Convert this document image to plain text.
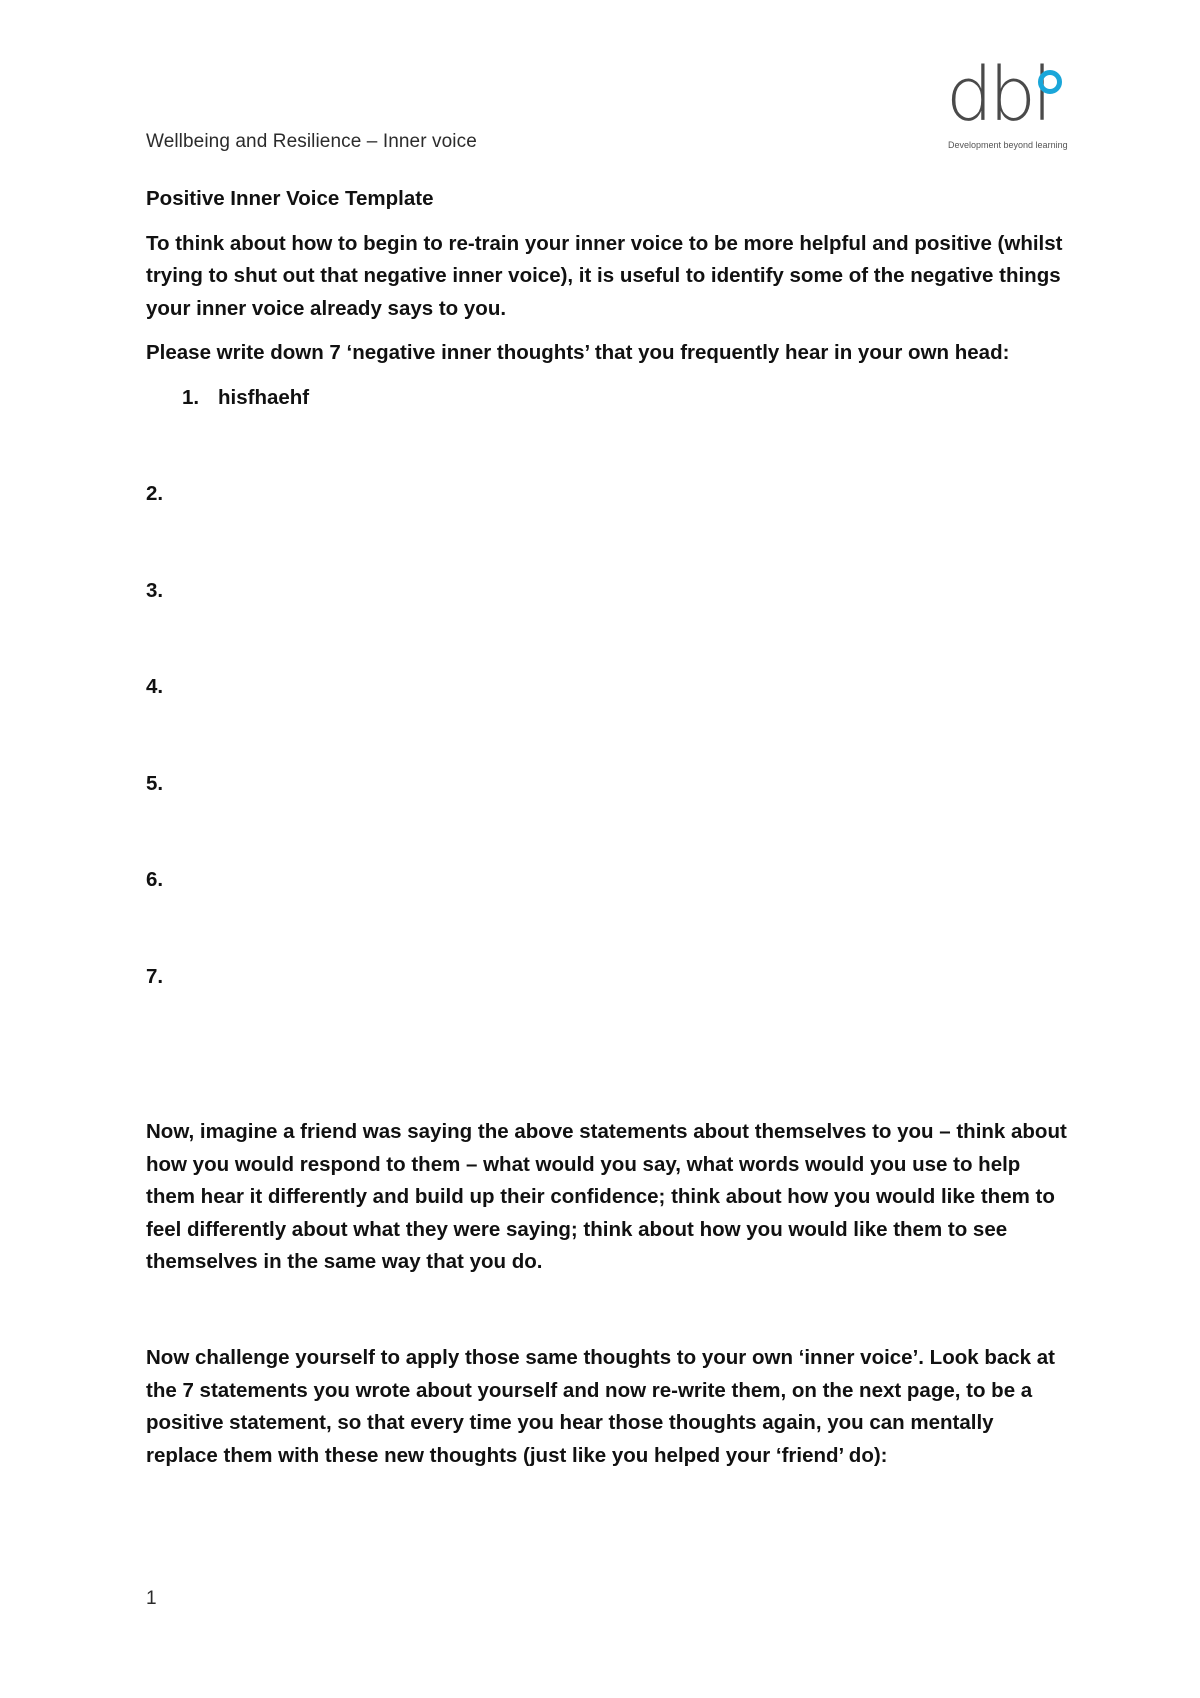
Wellbeing and Resilience – Inner voice
dbl
Development beyond learning

Positive Inner Voice Template

To think about how to begin to re-train your inner voice to be more helpful and positive (whilst trying to shut out that negative inner voice), it is useful to identify some of the negative things your inner voice already says to you.

Please write down 7 ‘negative inner thoughts’ that you frequently hear in your own head:

1. hisfhaehf

2.

3.

4.

5.

6.

7.

Now, imagine a friend was saying the above statements about themselves to you – think about how you would respond to them – what would you say, what words would you use to help them hear it differently and build up their confidence; think about how you would like them to feel differently about what they were saying; think about how you would like them to see themselves in the same way that you do.

Now challenge yourself to apply those same thoughts to your own ‘inner voice’. Look back at the 7 statements you wrote about yourself and now re-write them, on the next page, to be a positive statement, so that every time you hear those thoughts again, you can mentally replace them with these new thoughts (just like you helped your ‘friend’ do):

1
